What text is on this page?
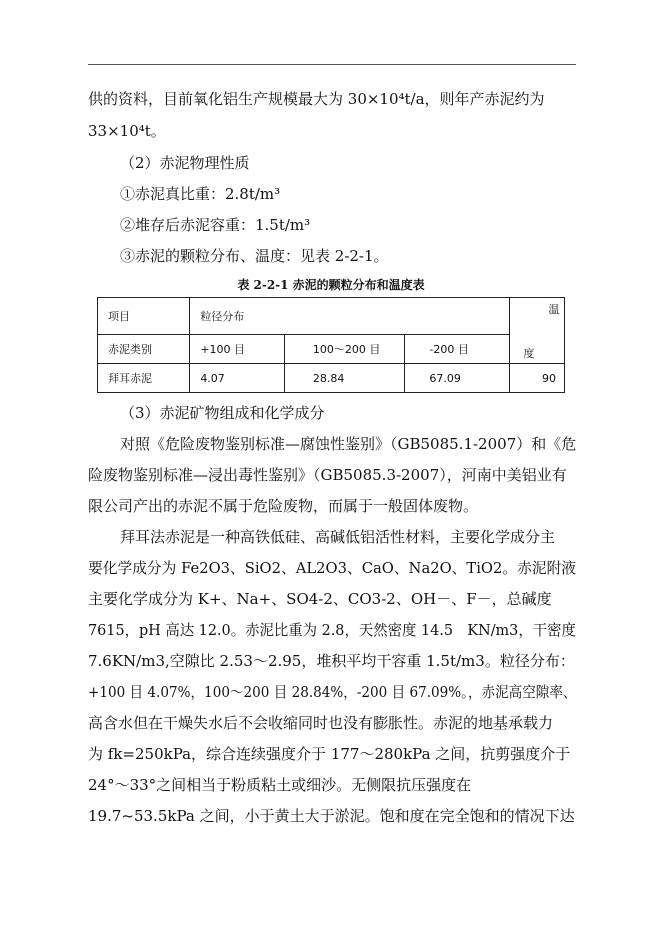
供的资料，目前氧化铝生产规模最大为 30×10⁴t/a，则年产赤泥约为
33×10⁴t。
（2）赤泥物理性质
①赤泥真比重：2.8t/m³
②堆存后赤泥容重：1.5t/m³
③赤泥的颗粒分布、温度：见表 2-2-1。
表 2-2-1 赤泥的颗粒分布和温度表
项目	粒径分布			温
度

赤泥类别	+100 目	100～200 目	-200 目	
拜耳赤泥	4.07	28.84	67.09	90
（3）赤泥矿物组成和化学成分
对照《危险废物鉴别标准—腐蚀性鉴别》（GB5085.1-2007）和《危
险废物鉴别标准—浸出毒性鉴别》（GB5085.3-2007），河南中美铝业有
限公司产出的赤泥不属于危险废物，而属于一般固体废物。
拜耳法赤泥是一种高铁低硅、高碱低铝活性材料，主要化学成分主
要化学成分为 Fe2O3、SiO2、AL2O3、CaO、Na2O、TiO2。赤泥附液
主要化学成分为 K+、Na+、SO4-2、CO3-2、OH－、F－，总碱度
7615，pH 高达 12.0。赤泥比重为 2.8，天然密度 14.5　KN/m3，干密度
7.6KN/m3,空隙比 2.53～2.95，堆积平均干容重 1.5t/m3。粒径分布：
+100 目 4.07%，100～200 目 28.84%，-200 目 67.09%。，赤泥高空隙率、
高含水但在干燥失水后不会收缩同时也没有膨胀性。赤泥的地基承载力
为 fk=250kPa，综合连续强度介于 177～280kPa 之间，抗剪强度介于
24°～33°之间相当于粉质粘土或细沙。无侧限抗压强度在
19.7~53.5kPa 之间，小于黄土大于淤泥。饱和度在完全饱和的情况下达
